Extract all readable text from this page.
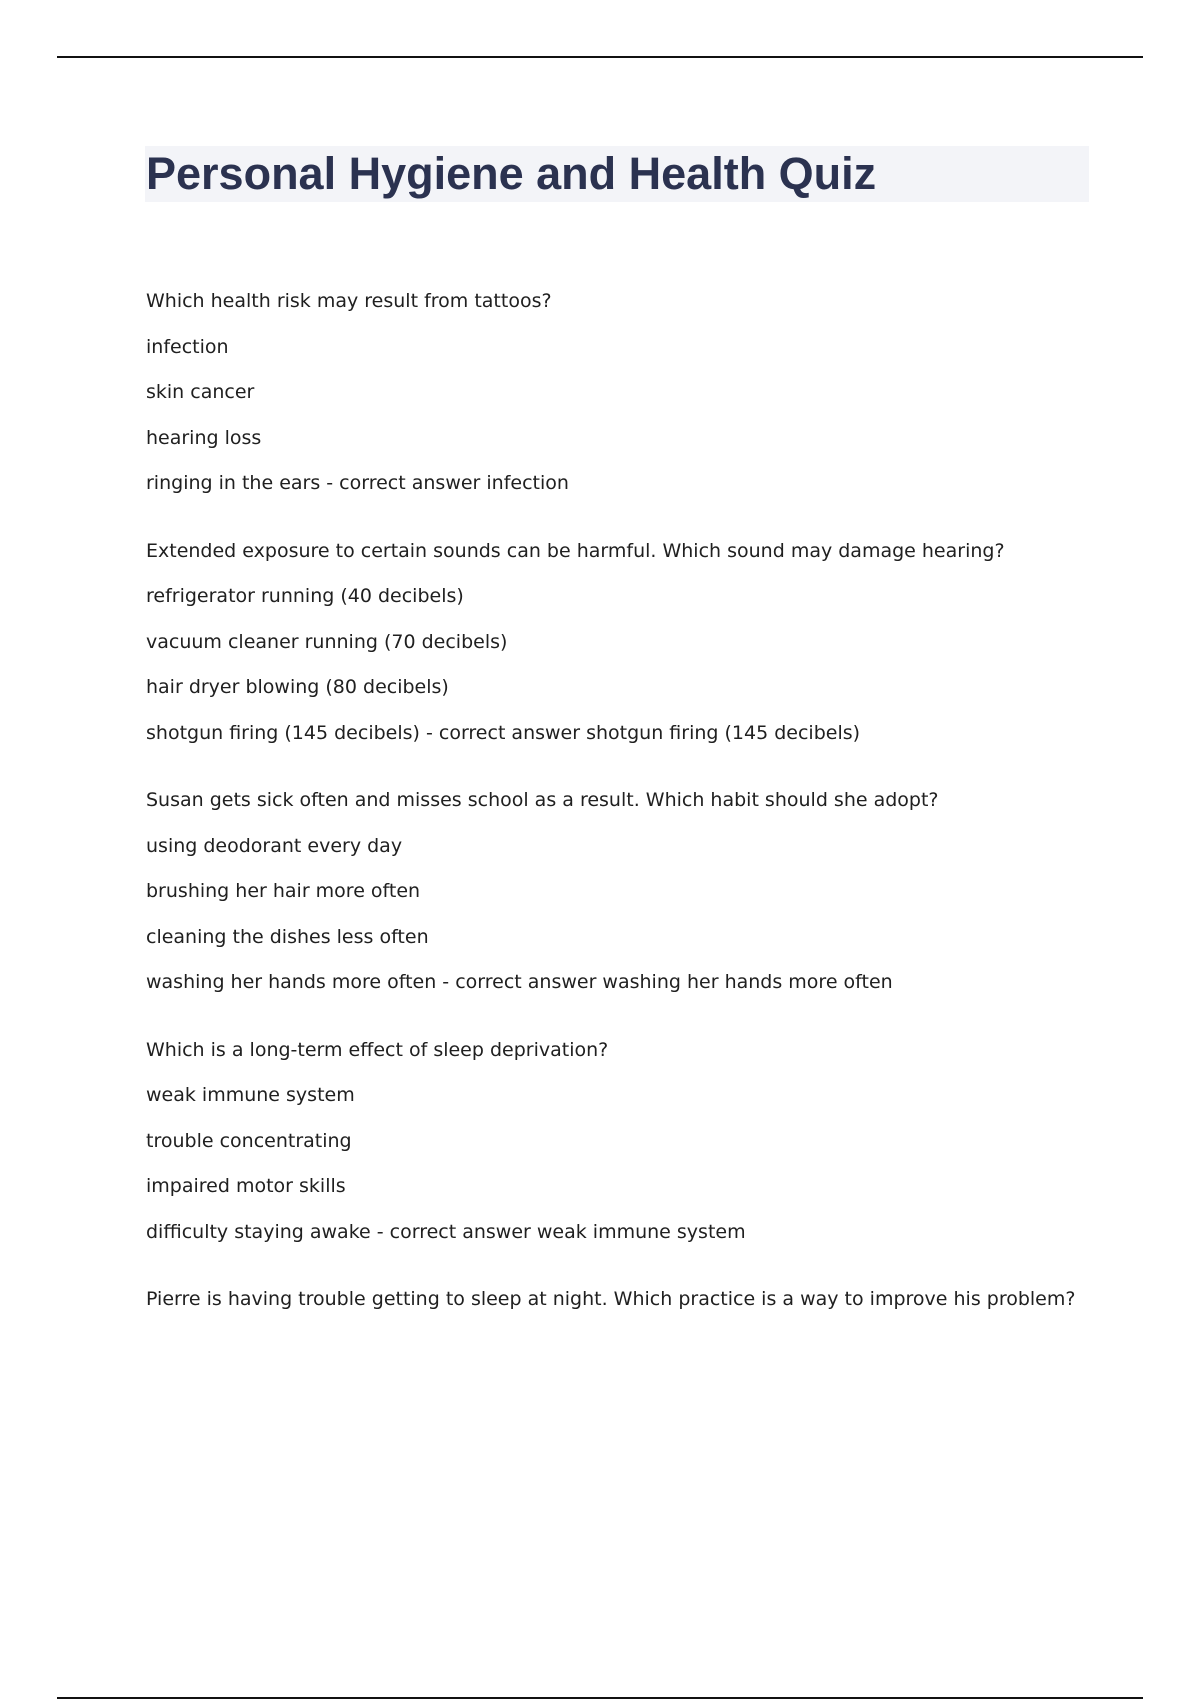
Personal Hygiene and Health Quiz
Which health risk may result from tattoos?
infection
skin cancer
hearing loss
ringing in the ears - correct answer infection
Extended exposure to certain sounds can be harmful. Which sound may damage hearing?
refrigerator running (40 decibels)
vacuum cleaner running (70 decibels)
hair dryer blowing (80 decibels)
shotgun firing (145 decibels) - correct answer shotgun firing (145 decibels)
Susan gets sick often and misses school as a result. Which habit should she adopt?
using deodorant every day
brushing her hair more often
cleaning the dishes less often
washing her hands more often - correct answer washing her hands more often
Which is a long-term effect of sleep deprivation?
weak immune system
trouble concentrating
impaired motor skills
difficulty staying awake - correct answer weak immune system
Pierre is having trouble getting to sleep at night. Which practice is a way to improve his problem?
